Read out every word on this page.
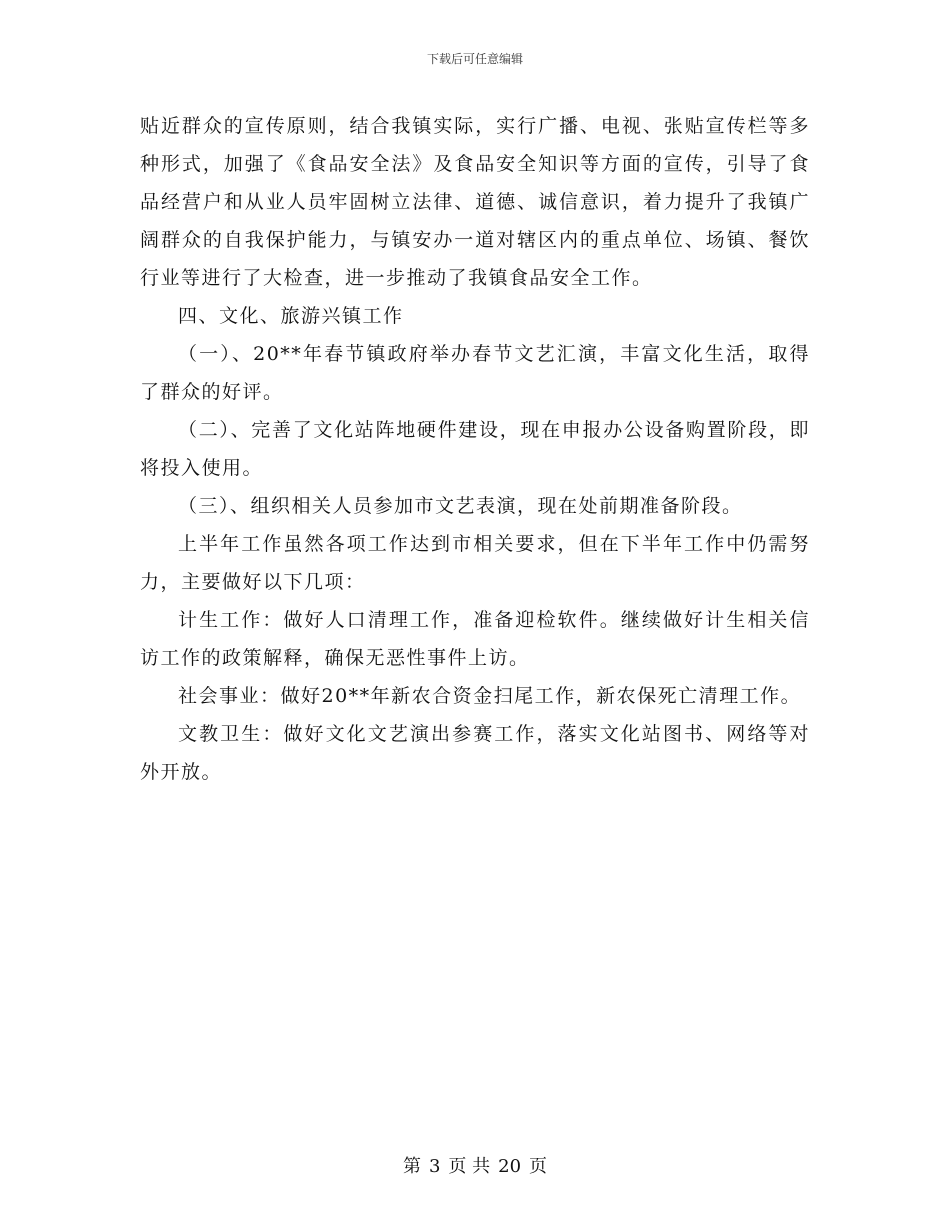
下载后可任意编辑

贴近群众的宣传原则，结合我镇实际，实行广播、电视、张贴宣传栏等多种形式，加强了《食品安全法》及食品安全知识等方面的宣传，引导了食品经营户和从业人员牢固树立法律、道德、诚信意识，着力提升了我镇广阔群众的自我保护能力，与镇安办一道对辖区内的重点单位、场镇、餐饮行业等进行了大检查，进一步推动了我镇食品安全工作。

四、文化、旅游兴镇工作

（一）、20**年春节镇政府举办春节文艺汇演，丰富文化生活，取得了群众的好评。

（二）、完善了文化站阵地硬件建设，现在申报办公设备购置阶段，即将投入使用。

（三）、组织相关人员参加市文艺表演，现在处前期准备阶段。

上半年工作虽然各项工作达到市相关要求，但在下半年工作中仍需努力，主要做好以下几项：

计生工作：做好人口清理工作，准备迎检软件。继续做好计生相关信访工作的政策解释，确保无恶性事件上访。

社会事业：做好20**年新农合资金扫尾工作，新农保死亡清理工作。

文教卫生：做好文化文艺演出参赛工作，落实文化站图书、网络等对外开放。

第 3 页 共 20 页
